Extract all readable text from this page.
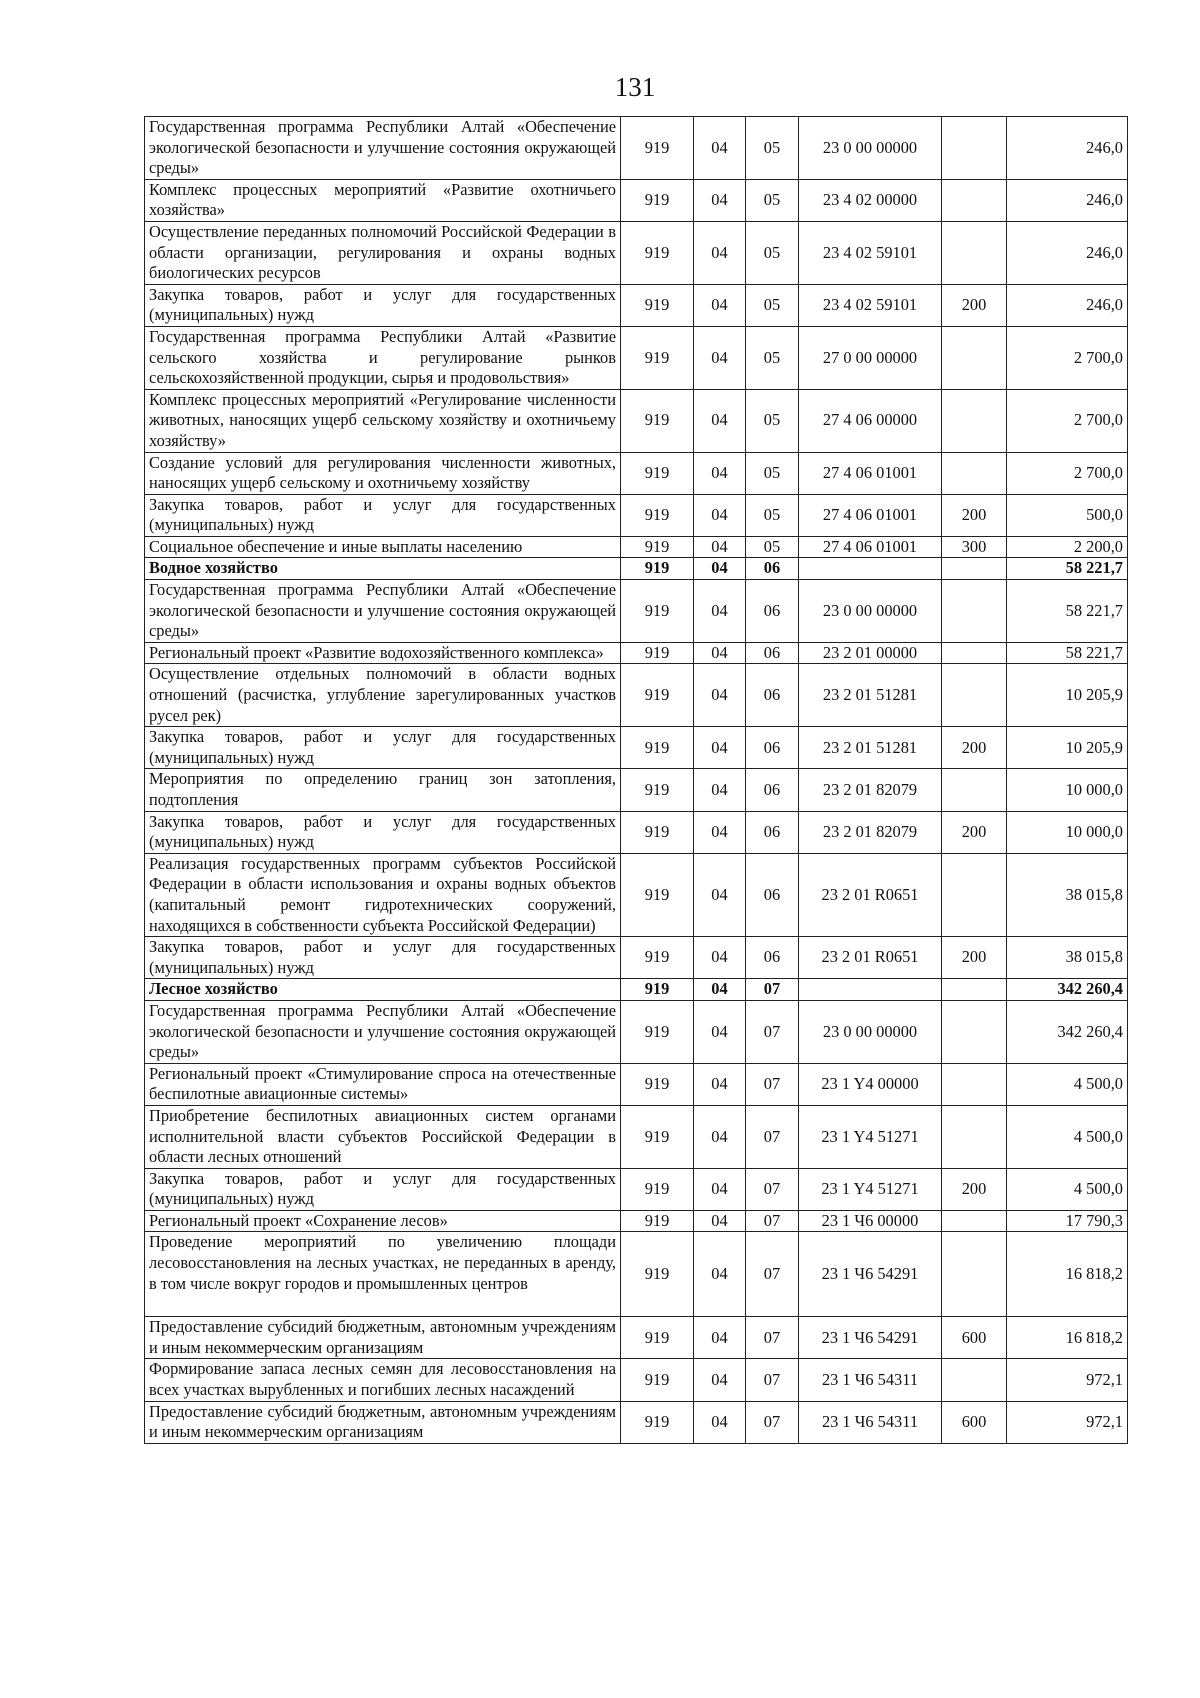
131
Государственная программа Республики Алтай «Обеспечение экологической безопасности и улучшение состояния окружающей среды»	919	04	05	23 0 00 00000		246,0
Комплекс процессных мероприятий «Развитие охотничьего хозяйства»	919	04	05	23 4 02 00000		246,0
Осуществление переданных полномочий Российской Федерации в области организации, регулирования и охраны водных биологических ресурсов	919	04	05	23 4 02 59101		246,0
Закупка товаров, работ и услуг для государственных (муниципальных) нужд	919	04	05	23 4 02 59101	200	246,0
Государственная программа Республики Алтай «Развитие сельского хозяйства и регулирование рынков сельскохозяйственной продукции, сырья и продовольствия»	919	04	05	27 0 00 00000		2 700,0
Комплекс процессных мероприятий «Регулирование численности животных, наносящих ущерб сельскому хозяйству и охотничьему хозяйству»	919	04	05	27 4 06 00000		2 700,0
Создание условий для регулирования численности животных, наносящих ущерб сельскому и охотничьему хозяйству	919	04	05	27 4 06 01001		2 700,0
Закупка товаров, работ и услуг для государственных (муниципальных) нужд	919	04	05	27 4 06 01001	200	500,0
Социальное обеспечение и иные выплаты населению	919	04	05	27 4 06 01001	300	2 200,0
Водное хозяйство	919	04	06			58 221,7
Государственная программа Республики Алтай «Обеспечение экологической безопасности и улучшение состояния окружающей среды»	919	04	06	23 0 00 00000		58 221,7
Региональный проект «Развитие водохозяйственного комплекса»	919	04	06	23 2 01 00000		58 221,7
Осуществление отдельных полномочий в области водных отношений (расчистка, углубление зарегулированных участков русел рек)	919	04	06	23 2 01 51281		10 205,9
Закупка товаров, работ и услуг для государственных (муниципальных) нужд	919	04	06	23 2 01 51281	200	10 205,9
Мероприятия по определению границ зон затопления, подтопления	919	04	06	23 2 01 82079		10 000,0
Закупка товаров, работ и услуг для государственных (муниципальных) нужд	919	04	06	23 2 01 82079	200	10 000,0
Реализация государственных программ субъектов Российской Федерации в области использования и охраны водных объектов (капитальный ремонт гидротехнических сооружений, находящихся в собственности субъекта Российской Федерации)	919	04	06	23 2 01 R0651		38 015,8
Закупка товаров, работ и услуг для государственных (муниципальных) нужд	919	04	06	23 2 01 R0651	200	38 015,8
Лесное хозяйство	919	04	07			342 260,4
Государственная программа Республики Алтай «Обеспечение экологической безопасности и улучшение состояния окружающей среды»	919	04	07	23 0 00 00000		342 260,4
Региональный проект «Стимулирование спроса на отечественные беспилотные авиационные системы»	919	04	07	23 1 Y4 00000		4 500,0
Приобретение беспилотных авиационных систем органами исполнительной власти субъектов Российской Федерации в области лесных отношений	919	04	07	23 1 Y4 51271		4 500,0
Закупка товаров, работ и услуг для государственных (муниципальных) нужд	919	04	07	23 1 Y4 51271	200	4 500,0
Региональный проект «Сохранение лесов»	919	04	07	23 1 Ч6 00000		17 790,3
Проведение мероприятий по увеличению площади лесовосстановления на лесных участках, не переданных в аренду, в том числе вокруг городов и промышленных центров	919	04	07	23 1 Ч6 54291		16 818,2
Предоставление субсидий бюджетным, автономным учреждениям и иным некоммерческим организациям	919	04	07	23 1 Ч6 54291	600	16 818,2
Формирование запаса лесных семян для лесовосстановления на всех участках вырубленных и погибших лесных насаждений	919	04	07	23 1 Ч6 54311		972,1
Предоставление субсидий бюджетным, автономным учреждениям и иным некоммерческим организациям	919	04	07	23 1 Ч6 54311	600	972,1
